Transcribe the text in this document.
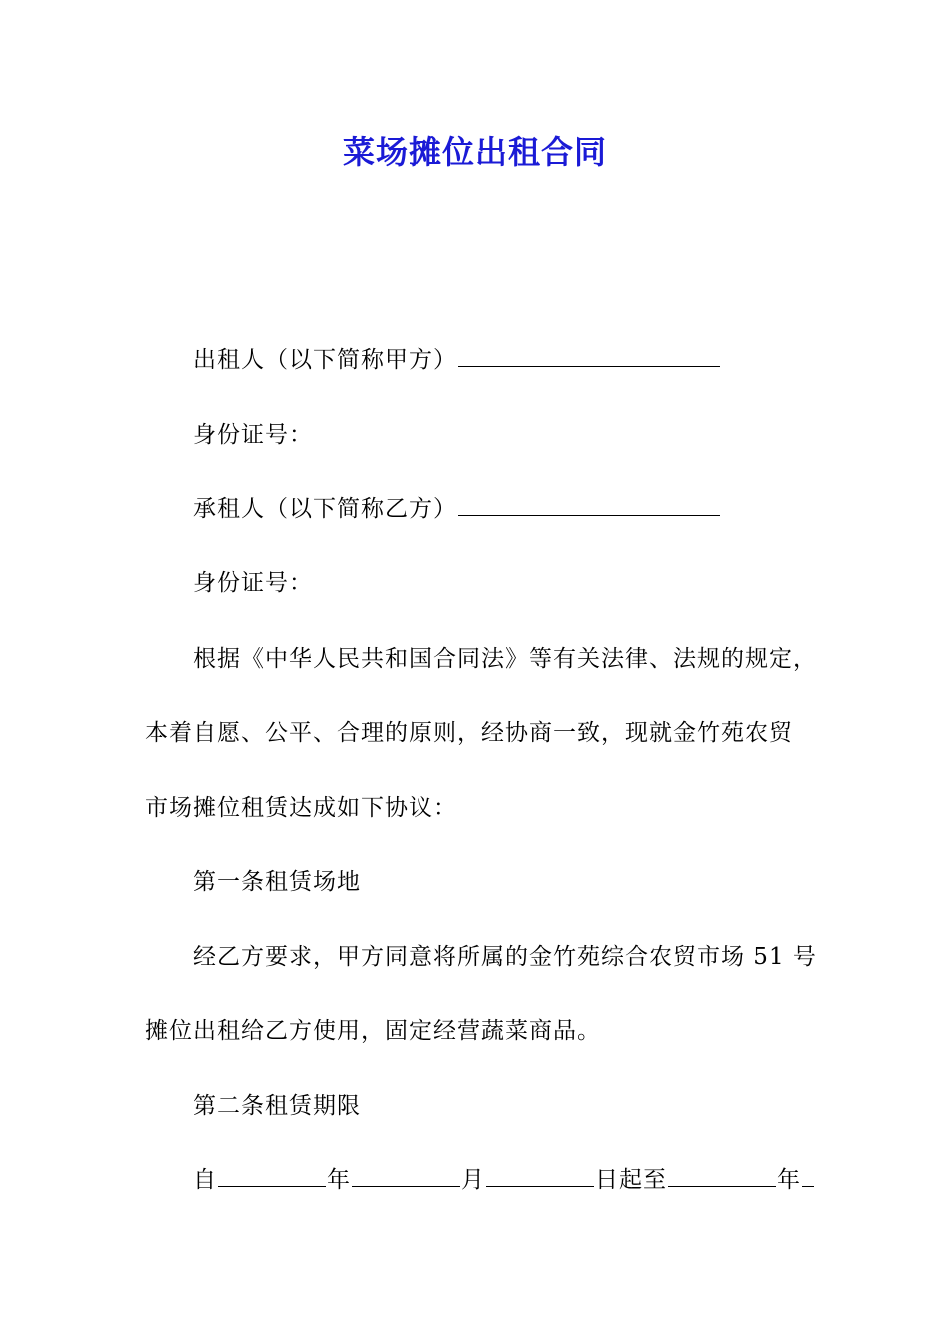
菜场摊位出租合同
出租人（以下简称甲方）
身份证号：
承租人（以下简称乙方）
身份证号：
根据《中华人民共和国合同法》等有关法律、法规的规定，
本着自愿、公平、合理的原则，经协商一致，现就金竹苑农贸
市场摊位租赁达成如下协议：
第一条租赁场地
经乙方要求，甲方同意将所属的金竹苑综合农贸市场 51 号
摊位出租给乙方使用，固定经营蔬菜商品。
第二条租赁期限
自	年	月	日起至	年
